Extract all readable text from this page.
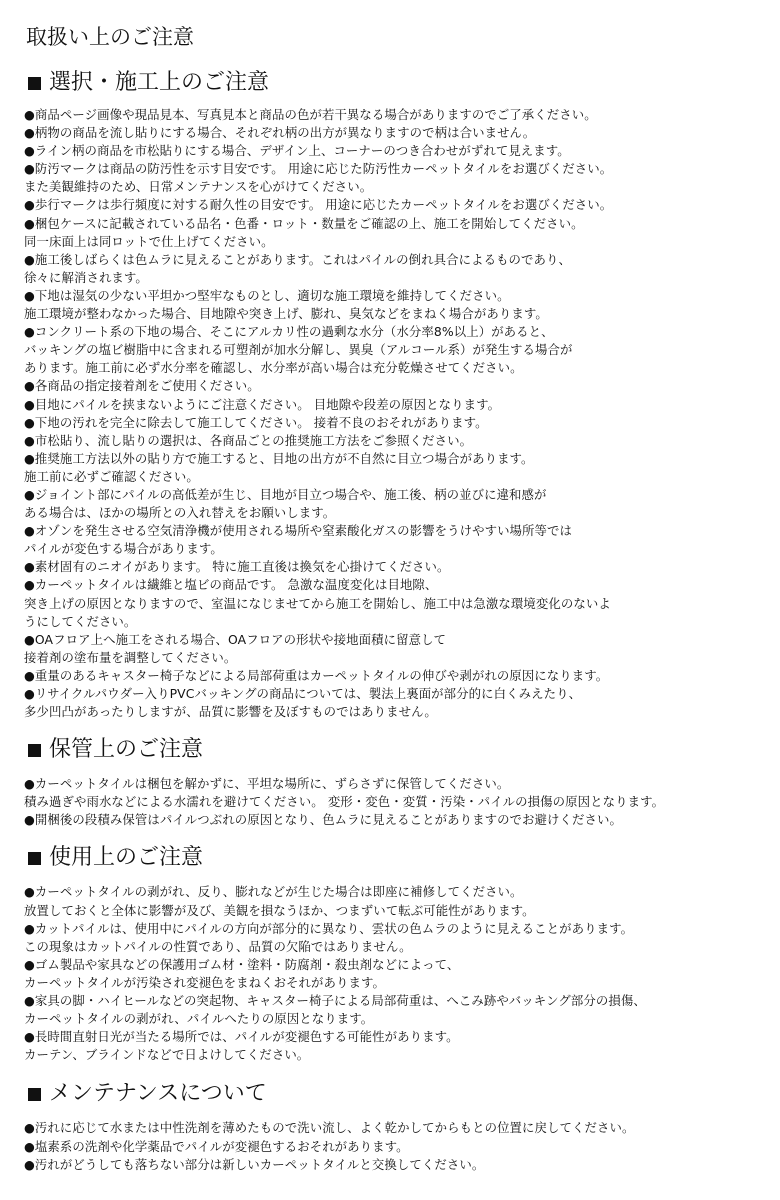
取扱い上のご注意
選択・施工上のご注意
●商品ページ画像や現品見本、写真見本と商品の色が若干異なる場合がありますのでご了承ください。
●柄物の商品を流し貼りにする場合、それぞれ柄の出方が異なりますので柄は合いません。
●ライン柄の商品を市松貼りにする場合、デザイン上、コーナーのつき合わせがずれて見えます。
●防汚マークは商品の防汚性を示す目安です。 用途に応じた防汚性カーペットタイルをお選びください。
また美観維持のため、日常メンテナンスを心がけてください。
●歩行マークは歩行頻度に対する耐久性の目安です。 用途に応じたカーペットタイルをお選びください。
●梱包ケースに記載されている品名・色番・ロット・数量をご確認の上、施工を開始してください。
同一床面上は同ロットで仕上げてください。
●施工後しばらくは色ムラに見えることがあります。これはパイルの倒れ具合によるものであり、
徐々に解消されます。
●下地は湿気の少ない平坦かつ堅牢なものとし、適切な施工環境を維持してください。
施工環境が整わなかった場合、目地隙や突き上げ、膨れ、臭気などをまねく場合があります。
●コンクリート系の下地の場合、そこにアルカリ性の過剰な水分（水分率8%以上）があると、
バッキングの塩ビ樹脂中に含まれる可塑剤が加水分解し、異臭（アルコール系）が発生する場合が
あります。施工前に必ず水分率を確認し、水分率が高い場合は充分乾燥させてください。
●各商品の指定接着剤をご使用ください。
●目地にパイルを挟まないようにご注意ください。 目地隙や段差の原因となります。
●下地の汚れを完全に除去して施工してください。 接着不良のおそれがあります。
●市松貼り、流し貼りの選択は、各商品ごとの推奨施工方法をご参照ください。
●推奨施工方法以外の貼り方で施工すると、目地の出方が不自然に目立つ場合があります。
施工前に必ずご確認ください。
●ジョイント部にパイルの高低差が生じ、目地が目立つ場合や、施工後、柄の並びに違和感が
ある場合は、ほかの場所との入れ替えをお願いします。
●オゾンを発生させる空気清浄機が使用される場所や窒素酸化ガスの影響をうけやすい場所等では
パイルが変色する場合があります。
●素材固有のニオイがあります。 特に施工直後は換気を心掛けてください。
●カーペットタイルは繊維と塩ビの商品です。 急激な温度変化は目地隙、
突き上げの原因となりますので、室温になじませてから施工を開始し、施工中は急激な環境変化のないよ
うにしてください。
●OAフロア上へ施工をされる場合、OAフロアの形状や接地面積に留意して
接着剤の塗布量を調整してください。
●重量のあるキャスター椅子などによる局部荷重はカーペットタイルの伸びや剥がれの原因になります。
●リサイクルパウダー入りPVCバッキングの商品については、製法上裏面が部分的に白くみえたり、
多少凹凸があったりしますが、品質に影響を及ぼすものではありません。
保管上のご注意
●カーペットタイルは梱包を解かずに、平坦な場所に、ずらさずに保管してください。
積み過ぎや雨水などによる水濡れを避けてください。 変形・変色・変質・汚染・パイルの損傷の原因となります。
●開梱後の段積み保管はパイルつぶれの原因となり、色ムラに見えることがありますのでお避けください。
使用上のご注意
●カーペットタイルの剥がれ、反り、膨れなどが生じた場合は即座に補修してください。
放置しておくと全体に影響が及び、美観を損なうほか、つまずいて転ぶ可能性があります。
●カットパイルは、使用中にパイルの方向が部分的に異なり、雲状の色ムラのように見えることがあります。
この現象はカットパイルの性質であり、品質の欠陥ではありません。
●ゴム製品や家具などの保護用ゴム材・塗料・防腐剤・殺虫剤などによって、
カーペットタイルが汚染され変褪色をまねくおそれがあります。
●家具の脚・ハイヒールなどの突起物、キャスター椅子による局部荷重は、へこみ跡やバッキング部分の損傷、
カーペットタイルの剥がれ、パイルへたりの原因となります。
●長時間直射日光が当たる場所では、パイルが変褪色する可能性があります。
カーテン、ブラインドなどで日よけしてください。
メンテナンスについて
●汚れに応じて水または中性洗剤を薄めたもので洗い流し、よく乾かしてからもとの位置に戻してください。
●塩素系の洗剤や化学薬品でパイルが変褪色するおそれがあります。
●汚れがどうしても落ちない部分は新しいカーペットタイルと交換してください。
